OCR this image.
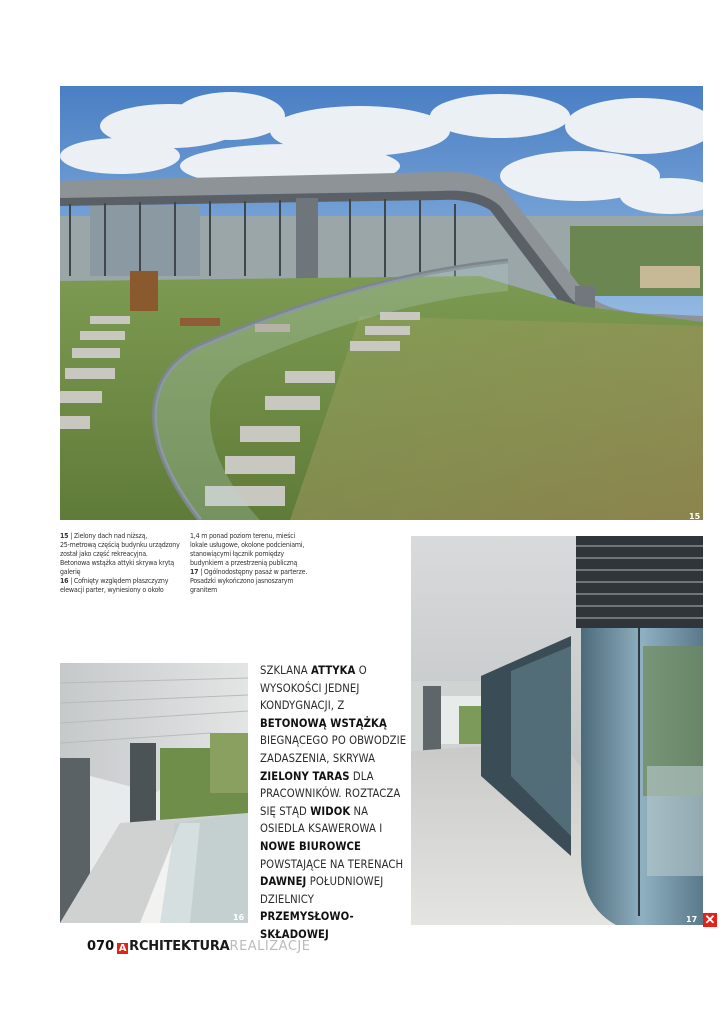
15

15 | Zielony dach nad niższą,

25-metrową częścią budynku urządzony

został jako część rekreacyjna.

Betonowa wstążka attyki skrywa krytą

galerię

16 | Cofnięty względem płaszczyzny

elewacji parter, wyniesiony o około

1,4 m ponad poziom terenu, mieści

lokale usługowe, okolone podcieniami,

stanowiącymi łącznik pomiędzy

budynkiem a przestrzenią publiczną

17 | Ogólnodostępny pasaż w parterze.

Posadzki wykończono jasnoszarym

granitem

17 ✕
16
SZKLANA ATTYKA O WYSOKOŚCI JEDNEJ KONDYGNACJI, Z BETONOWĄ WSTĄŻKĄ BIEGNĄCEGO PO OBWODZIE ZADASZENIA, SKRYWA ZIELONY TARAS DLA PRACOWNIKÓW. ROZTACZA SIĘ STĄD WIDOK NA OSIEDLA KSAWEROWA I NOWE BIUROWCE POWSTAJĄCE NA TERENACH DAWNEJ POŁUDNIOWEJ DZIELNICY PRZEMYSŁOWO-SKŁADOWEJ
070 A RCHITEKTURA REALIZACJE
